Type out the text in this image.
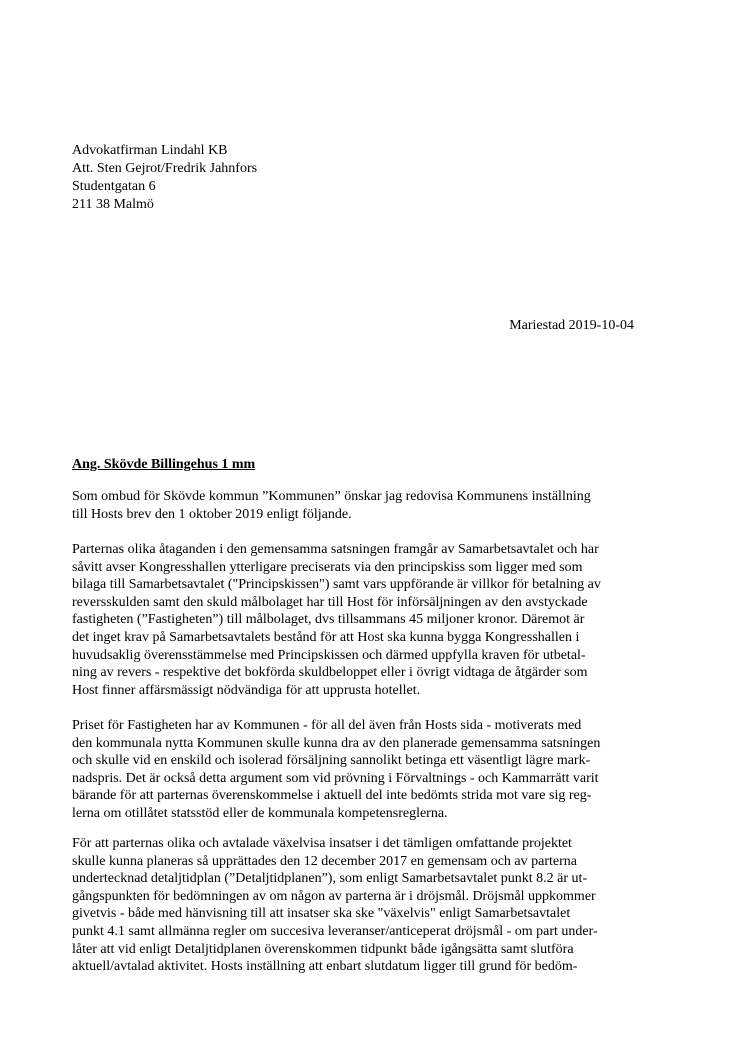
Advokatfirman Lindahl KB
Att. Sten Gejrot/Fredrik Jahnfors
Studentgatan 6
211 38 Malmö
Mariestad 2019-10-04
Ang. Skövde Billingehus 1 mm
Som ombud för Skövde kommun ”Kommunen” önskar jag redovisa Kommunens inställning
till Hosts brev den 1 oktober 2019 enligt följande.
Parternas olika åtaganden i den gemensamma satsningen framgår av Samarbetsavtalet och har
såvitt avser Kongresshallen ytterligare preciserats via den principskiss som ligger med som
bilaga till Samarbetsavtalet ("Principskissen") samt vars uppförande är villkor för betalning av
reversskulden samt den skuld målbolaget har till Host för införsäljningen av den avstyckade
fastigheten (”Fastigheten”) till målbolaget, dvs tillsammans 45 miljoner kronor. Däremot är
det inget krav på Samarbetsavtalets bestånd för att Host ska kunna bygga Kongresshallen i
huvudsaklig överensstämmelse med Principskissen och därmed uppfylla kraven för utbetal-
ning av revers - respektive det bokförda skuldbeloppet eller i övrigt vidtaga de åtgärder som
Host finner affärsmässigt nödvändiga för att upprusta hotellet.
Priset för Fastigheten har av Kommunen - för all del även från Hosts sida - motiverats med
den kommunala nytta Kommunen skulle kunna dra av den planerade gemensamma satsningen
och skulle vid en enskild och isolerad försäljning sannolikt betinga ett väsentligt lägre mark-
nadspris. Det är också detta argument som vid prövning i Förvaltnings - och Kammarrätt varit
bärande för att parternas överenskommelse i aktuell del inte bedömts strida mot vare sig reg-
lerna om otillåtet statsstöd eller de kommunala kompetensreglerna.
För att parternas olika och avtalade växelvisa insatser i det tämligen omfattande projektet
skulle kunna planeras så upprättades den 12 december 2017 en gemensam och av parterna
undertecknad detaljtidplan (”Detaljtidplanen”), som enligt Samarbetsavtalet punkt 8.2 är ut-
gångspunkten för bedömningen av om någon av parterna är i dröjsmål. Dröjsmål uppkommer
givetvis - både med hänvisning till att insatser ska ske "växelvis" enligt Samarbetsavtalet
punkt 4.1 samt allmänna regler om succesiva leveranser/anticeperat dröjsmål - om part under-
låter att vid enligt Detaljtidplanen överenskommen tidpunkt både igångsätta samt slutföra
aktuell/avtalad aktivitet. Hosts inställning att enbart slutdatum ligger till grund för bedöm-
